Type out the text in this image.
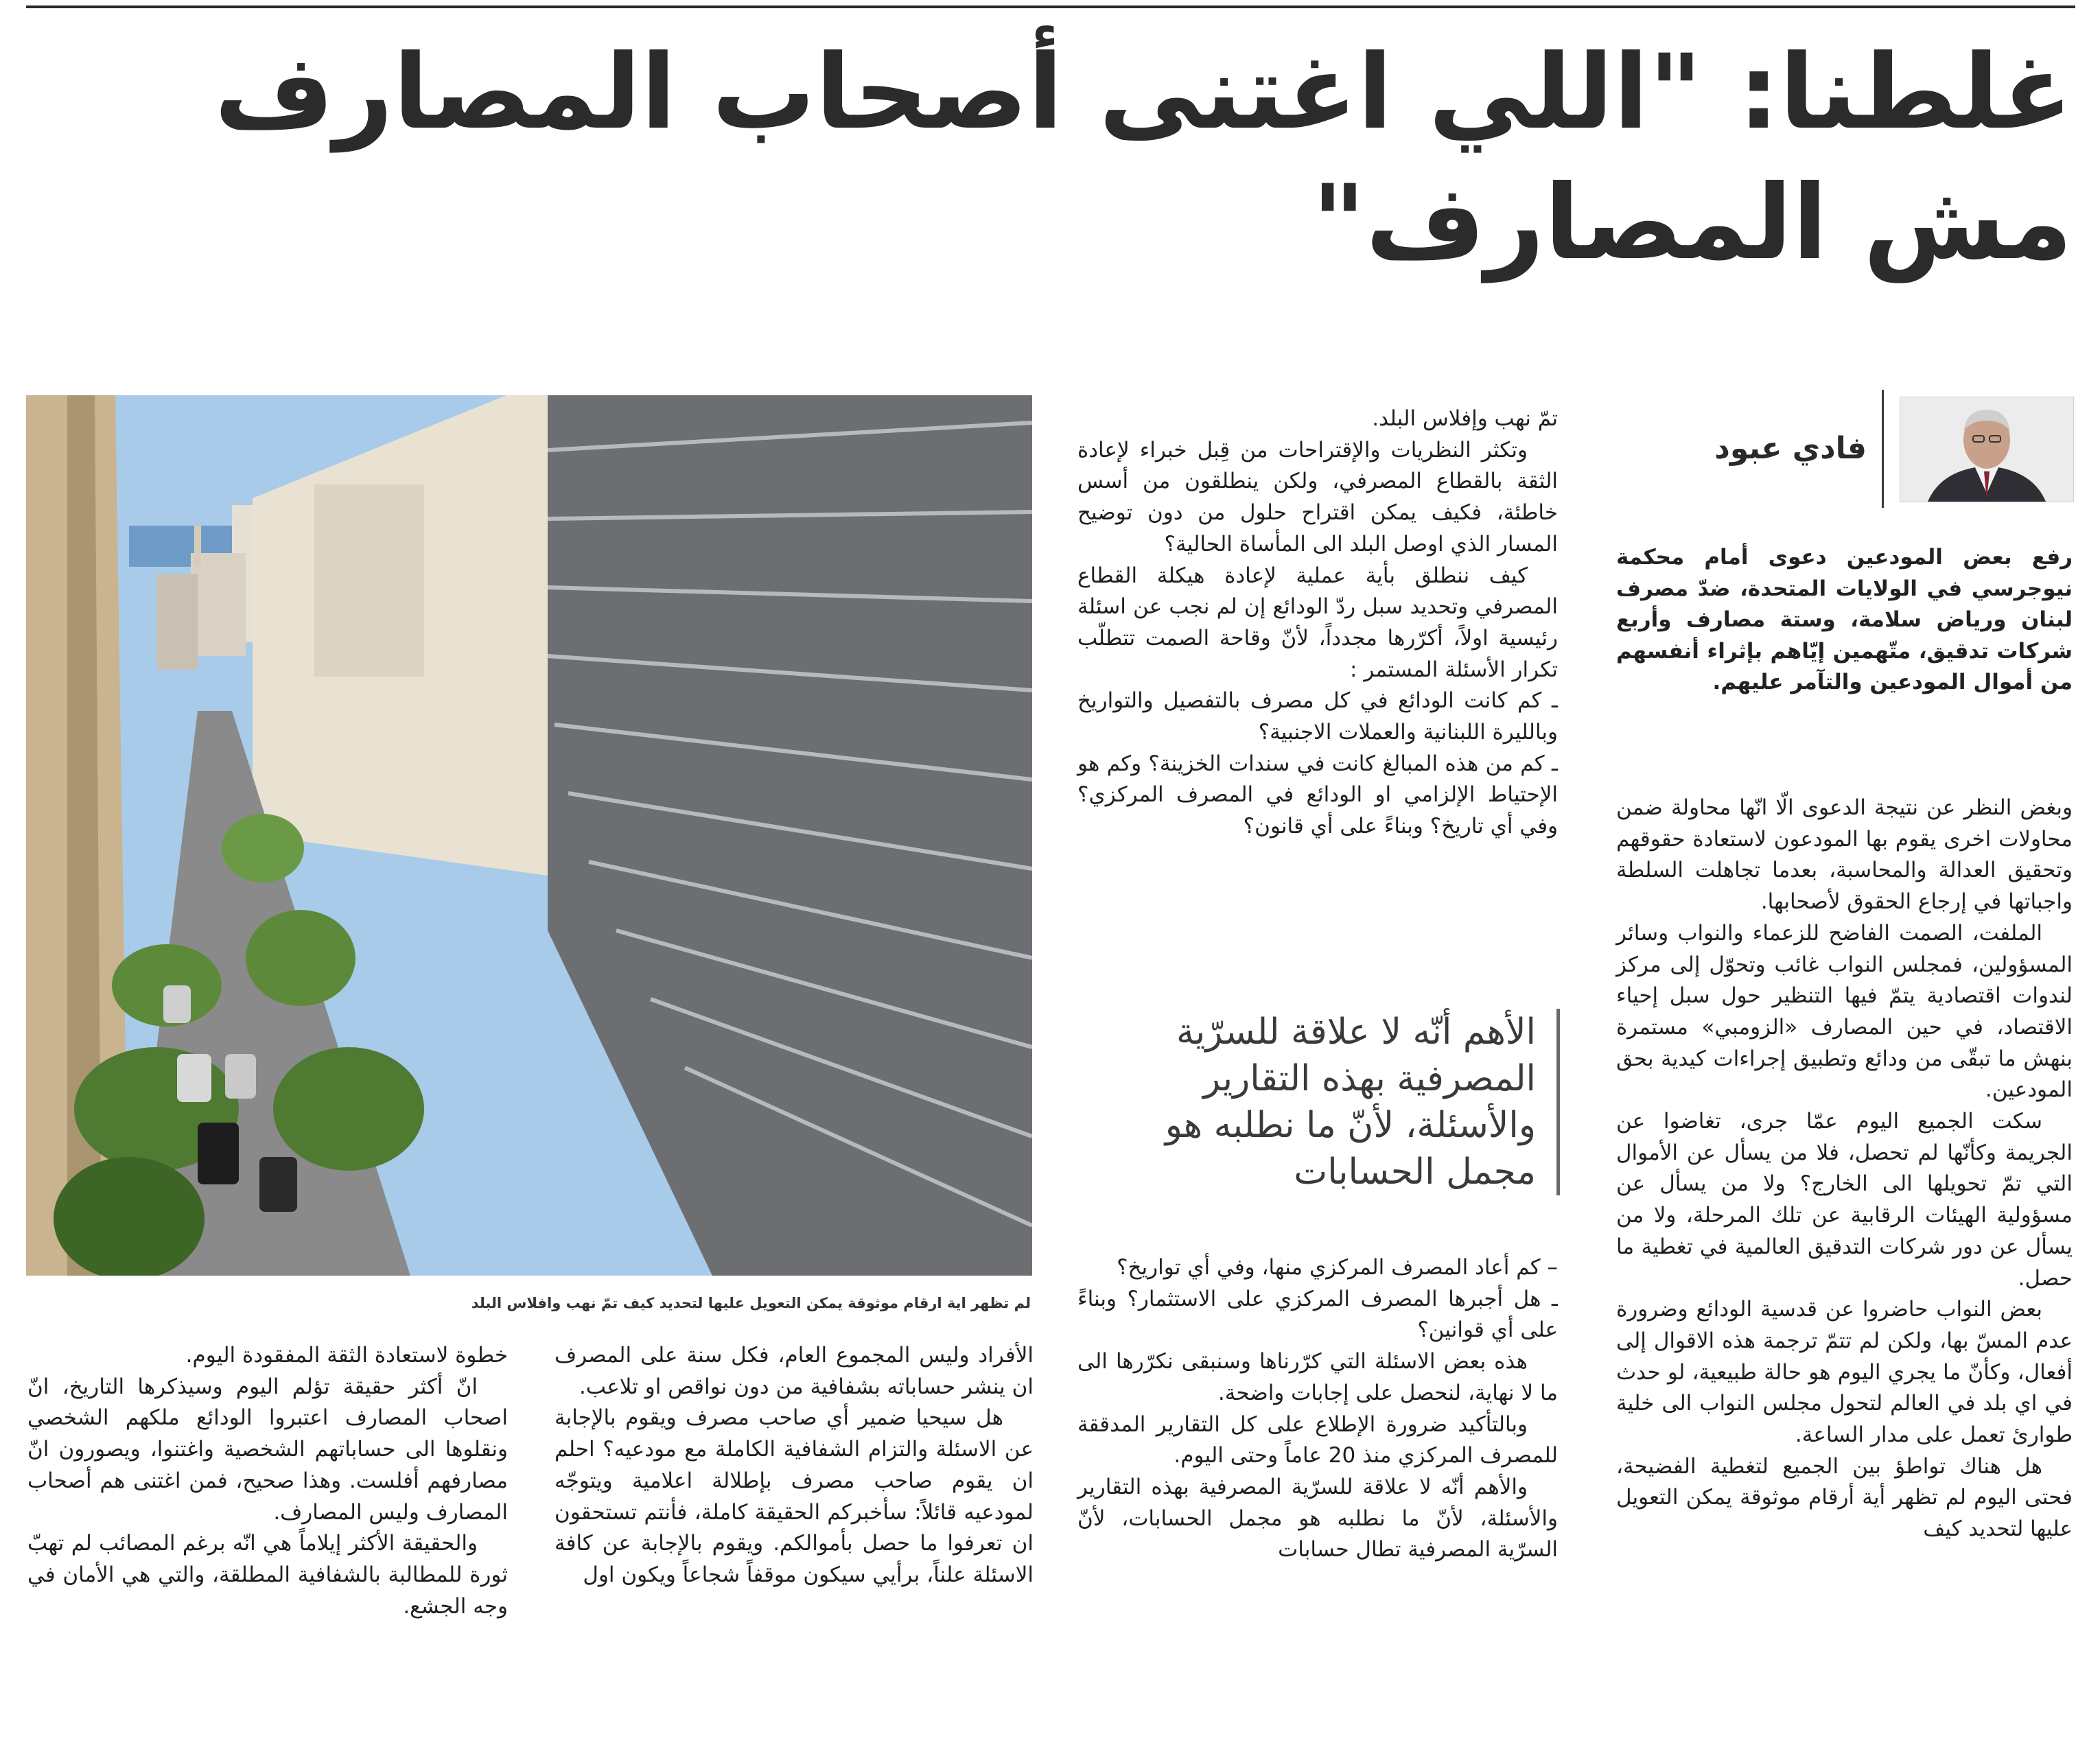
غلطنا: "اللي اغتنى أصحاب المصارف
مش المصارف"
فادي عبود
رفع بعض المودعين دعوى أمام محكمة نيوجرسي في الولايات المتحدة، ضدّ مصرف لبنان ورياض سلامة، وستة مصارف وأربع شركات تدقيق، متّهمين إيّاهم بإثراء أنفسهم من أموال المودعين والتآمر عليهم.
لم تظهر اية ارقام موثوقة يمكن التعويل عليها لتحديد كيف تمّ نهب وافلاس البلد

وبغض النظر عن نتيجة الدعوى الّا انّها محاولة ضمن محاولات اخرى يقوم بها المودعون لاستعادة حقوقهم وتحقيق العدالة والمحاسبة، بعدما تجاهلت السلطة واجباتها في إرجاع الحقوق لأصحابها.

الملفت، الصمت الفاضح للزعماء والنواب وسائر المسؤولين، فمجلس النواب غائب وتحوّل إلى مركز لندوات اقتصادية يتمّ فيها التنظير حول سبل إحياء الاقتصاد، في حين المصارف «الزومبي» مستمرة بنهش ما تبقّى من ودائع وتطبيق إجراءات كيدية بحق المودعين.

سكت الجميع اليوم عمّا جرى، تغاضوا عن الجريمة وكأنّها لم تحصل، فلا من يسأل عن الأموال التي تمّ تحويلها الى الخارج؟ ولا من يسأل عن مسؤولية الهيئات الرقابية عن تلك المرحلة، ولا من يسأل عن دور شركات التدقيق العالمية في تغطية ما حصل.

بعض النواب حاضروا عن قدسية الودائع وضرورة عدم المسّ بها، ولكن لم تتمّ ترجمة هذه الاقوال إلى أفعال، وكأنّ ما يجري اليوم هو حالة طبيعية، لو حدث في اي بلد في العالم لتحول مجلس النواب الى خلية طوارئ تعمل على مدار الساعة.

هل هناك تواطؤ بين الجميع لتغطية الفضيحة، فحتى اليوم لم تظهر أية أرقام موثوقة يمكن التعويل عليها لتحديد كيف

تمّ نهب وإفلاس البلد.

وتكثر النظريات والإقتراحات من قِبل خبراء لإعادة الثقة بالقطاع المصرفي، ولكن ينطلقون من أسس خاطئة، فكيف يمكن اقتراح حلول من دون توضيح المسار الذي اوصل البلد الى المأساة الحالية؟

كيف ننطلق بأية عملية لإعادة هيكلة القطاع المصرفي وتحديد سبل ردّ الودائع إن لم نجب عن اسئلة رئيسية اولاً، أكرّرها مجدداً، لأنّ وقاحة الصمت تتطلّب تكرار الأسئلة المستمر :

ـ كم كانت الودائع في كل مصرف بالتفصيل والتواريخ وبالليرة اللبنانية والعملات الاجنبية؟

ـ كم من هذه المبالغ كانت في سندات الخزينة؟ وكم هو الإحتياط الإلزامي او الودائع في المصرف المركزي؟ وفي أي تاريخ؟ وبناءً على أي قانون؟

الأهم أنّه لا علاقة للسرّية
المصرفية بهذه التقارير
والأسئلة، لأنّ ما نطلبه هو
مجمل الحسابات

– كم أعاد المصرف المركزي منها، وفي أي تواريخ؟

ـ هل أجبرها المصرف المركزي على الاستثمار؟ وبناءً على أي قوانين؟

هذه بعض الاسئلة التي كرّرناها وسنبقى نكرّرها الى ما لا نهاية، لنحصل على إجابات واضحة.

وبالتأكيد ضرورة الإطلاع على كل التقارير المدققة للمصرف المركزي منذ 20 عاماً وحتى اليوم.

والأهم أنّه لا علاقة للسرّية المصرفية بهذه التقارير والأسئلة، لأنّ ما نطلبه هو مجمل الحسابات، لأنّ السرّية المصرفية تطال حسابات

الأفراد وليس المجموع العام، فكل سنة على المصرف ان ينشر حساباته بشفافية من دون نواقص او تلاعب.

هل سيحيا ضمير أي صاحب مصرف ويقوم بالإجابة عن الاسئلة والتزام الشفافية الكاملة مع مودعيه؟ احلم ان يقوم صاحب مصرف بإطلالة اعلامية ويتوجّه لمودعيه قائلاً: سأخبركم الحقيقة كاملة، فأنتم تستحقون ان تعرفوا ما حصل بأموالكم. ويقوم بالإجابة عن كافة الاسئلة علناً، برأيي سيكون موقفاً شجاعاً ويكون اول

خطوة لاستعادة الثقة المفقودة اليوم.

انّ أكثر حقيقة تؤلم اليوم وسيذكرها التاريخ، انّ اصحاب المصارف اعتبروا الودائع ملكهم الشخصي ونقلوها الى حساباتهم الشخصية واغتنوا، ويصورون انّ مصارفهم أفلست. وهذا صحيح، فمن اغتنى هم أصحاب المصارف وليس المصارف.

والحقيقة الأكثر إيلاماً هي انّه برغم المصائب لم تهبّ ثورة للمطالبة بالشفافية المطلقة، والتي هي الأمان في وجه الجشع.
